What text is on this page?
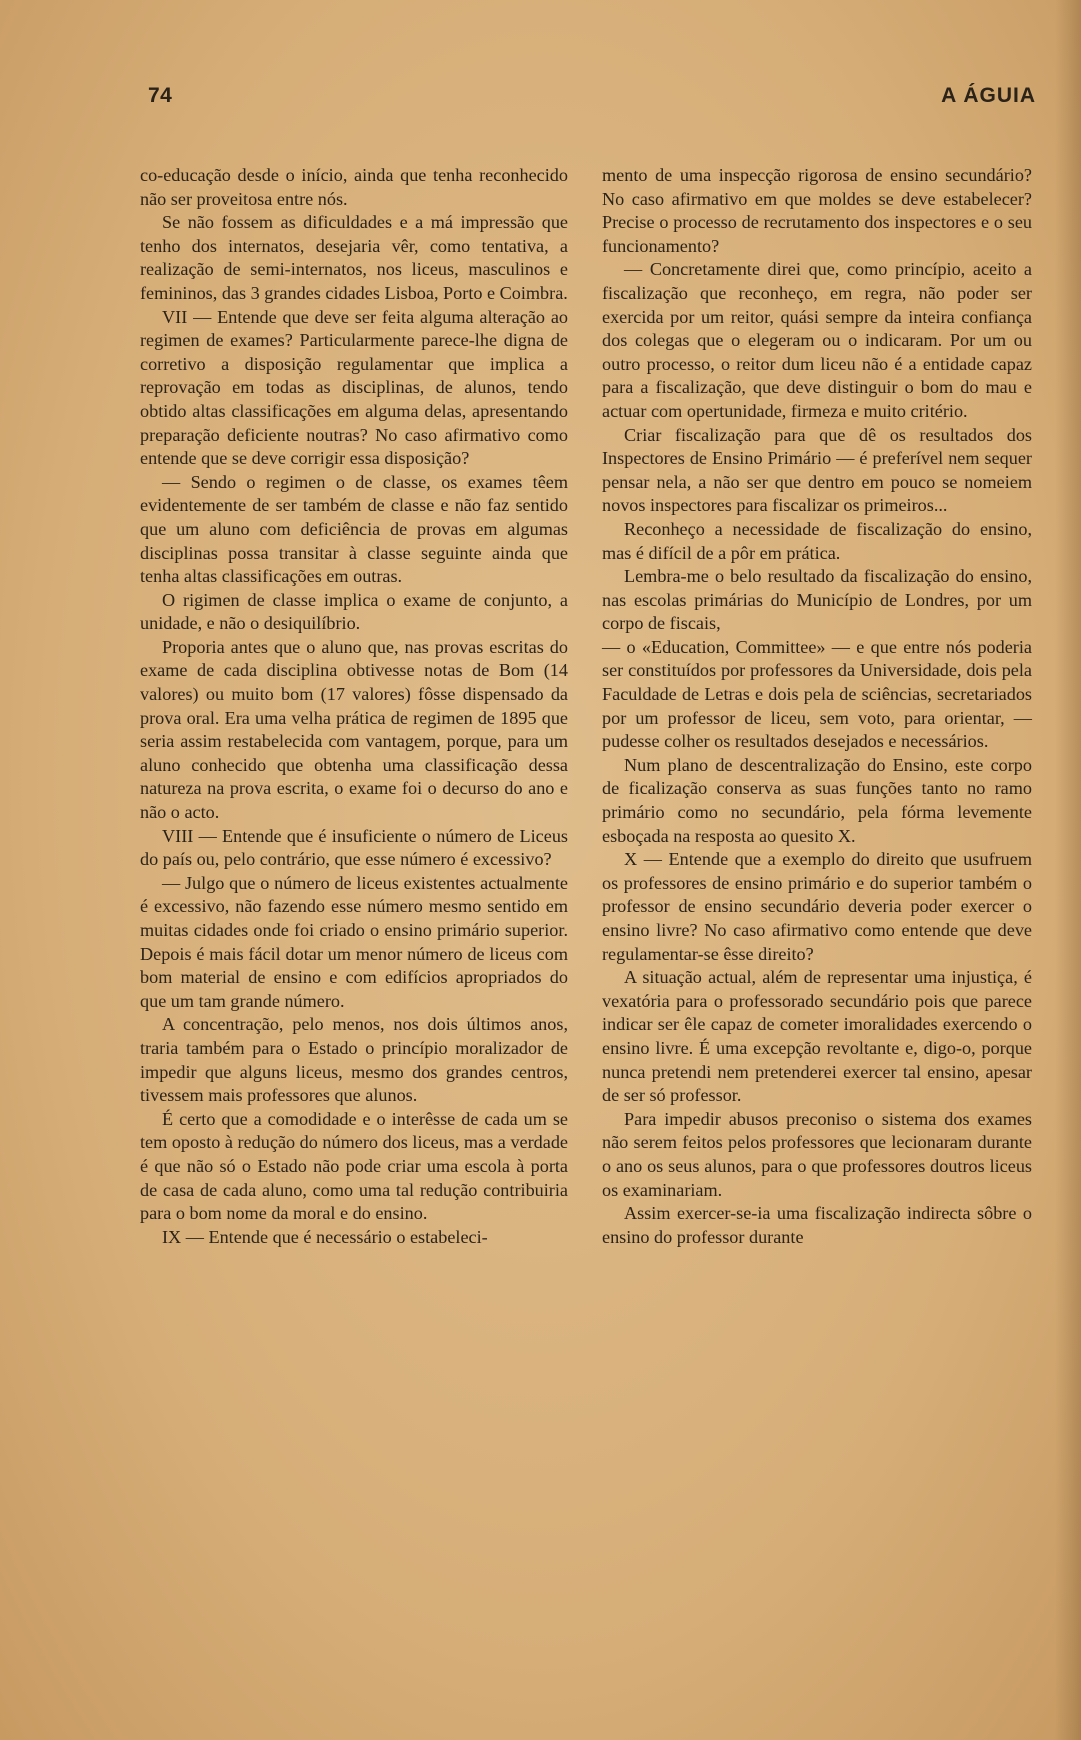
74	A ÁGUIA

co-educação desde o início, ainda que tenha reconhecido não ser proveitosa entre nós.

Se não fossem as dificuldades e a má impressão que tenho dos internatos, desejaria vêr, como tentativa, a realização de semi-internatos, nos liceus, masculinos e femininos, das 3 grandes cidades Lisboa, Porto e Coimbra.

VII — Entende que deve ser feita alguma alteração ao regimen de exames? Particularmente parece-lhe digna de corretivo a disposição regulamentar que implica a reprovação em todas as disciplinas, de alunos, tendo obtido altas classificações em alguma delas, apresentando preparação deficiente noutras? No caso afirmativo como entende que se deve corrigir essa disposição?

— Sendo o regimen o de classe, os exames têem evidentemente de ser também de classe e não faz sentido que um aluno com deficiência de provas em algumas disciplinas possa transitar à classe seguinte ainda que tenha altas classificações em outras.

O rigimen de classe implica o exame de conjunto, a unidade, e não o desiquilíbrio.

Proporia antes que o aluno que, nas provas escritas do exame de cada disciplina obtivesse notas de Bom (14 valores) ou muito bom (17 valores) fôsse dispensado da prova oral. Era uma velha prática de regimen de 1895 que seria assim restabelecida com vantagem, porque, para um aluno conhecido que obtenha uma classificação dessa natureza na prova escrita, o exame foi o decurso do ano e não o acto.

VIII — Entende que é insuficiente o número de Liceus do país ou, pelo contrário, que esse número é excessivo?

— Julgo que o número de liceus existentes actualmente é excessivo, não fazendo esse número mesmo sentido em muitas cidades onde foi criado o ensino primário superior. Depois é mais fácil dotar um menor número de liceus com bom material de ensino e com edifícios apropriados do que um tam grande número.

A concentração, pelo menos, nos dois últimos anos, traria também para o Estado o princípio moralizador de impedir que alguns liceus, mesmo dos grandes centros, tivessem mais professores que alunos.

É certo que a comodidade e o interêsse de cada um se tem oposto à redução do número dos liceus, mas a verdade é que não só o Estado não pode criar uma escola à porta de casa de cada aluno, como uma tal redução contribuiria para o bom nome da moral e do ensino.

IX — Entende que é necessário o estabeleci-

mento de uma inspecção rigorosa de ensino secundário? No caso afirmativo em que moldes se deve estabelecer? Precise o processo de recrutamento dos inspectores e o seu funcionamento?

— Concretamente direi que, como princípio, aceito a fiscalização que reconheço, em regra, não poder ser exercida por um reitor, quási sempre da inteira confiança dos colegas que o elegeram ou o indicaram. Por um ou outro processo, o reitor dum liceu não é a entidade capaz para a fiscalização, que deve distinguir o bom do mau e actuar com opertunidade, firmeza e muito critério.

Criar fiscalização para que dê os resultados dos Inspectores de Ensino Primário — é preferível nem sequer pensar nela, a não ser que dentro em pouco se nomeiem novos inspectores para fiscalizar os primeiros...

Reconheço a necessidade de fiscalização do ensino, mas é difícil de a pôr em prática.

Lembra-me o belo resultado da fiscalização do ensino, nas escolas primárias do Município de Londres, por um corpo de fiscais,

— o «Education, Committee» — e que entre nós poderia ser constituídos por professores da Universidade, dois pela Faculdade de Letras e dois pela de sciências, secretariados por um professor de liceu, sem voto, para orientar, — pudesse colher os resultados desejados e necessários.

Num plano de descentralização do Ensino, este corpo de ficalização conserva as suas funções tanto no ramo primário como no secundário, pela fórma levemente esboçada na resposta ao quesito X.

X — Entende que a exemplo do direito que usufruem os professores de ensino primário e do superior também o professor de ensino secundário deveria poder exercer o ensino livre? No caso afirmativo como entende que deve regulamentar-se êsse direito?

A situação actual, além de representar uma injustiça, é vexatória para o professorado secundário pois que parece indicar ser êle capaz de cometer imoralidades exercendo o ensino livre. É uma excepção revoltante e, digo-o, porque nunca pretendi nem pretenderei exercer tal ensino, apesar de ser só professor.

Para impedir abusos preconiso o sistema dos exames não serem feitos pelos professores que lecionaram durante o ano os seus alunos, para o que professores doutros liceus os examinariam.

Assim exercer-se-ia uma fiscalização indirecta sôbre o ensino do professor durante
